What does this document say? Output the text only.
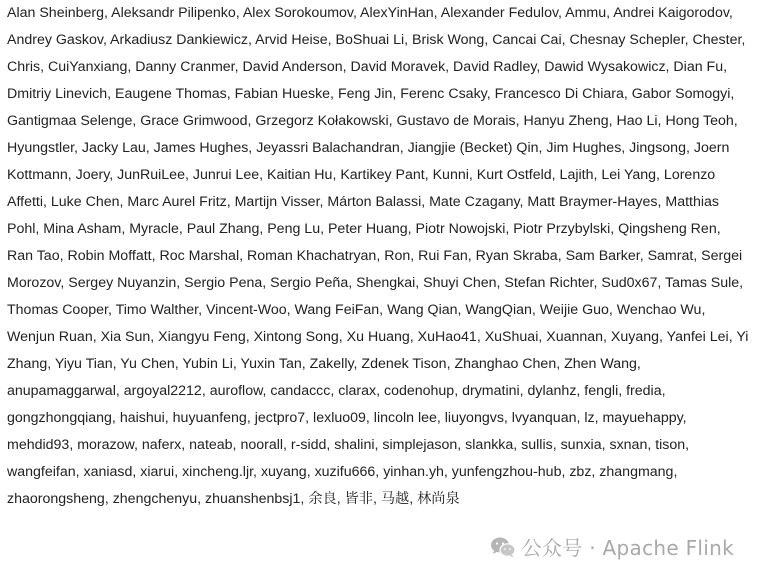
Alan Sheinberg, Aleksandr Pilipenko, Alex Sorokoumov, AlexYinHan, Alexander Fedulov, Ammu, Andrei Kaigorodov, Andrey Gaskov, Arkadiusz Dankiewicz, Arvid Heise, BoShuai Li, Brisk Wong, Cancai Cai, Chesnay Schepler, Chester, Chris, CuiYanxiang, Danny Cranmer, David Anderson, David Moravek, David Radley, Dawid Wysakowicz, Dian Fu, Dmitriy Linevich, Eaugene Thomas, Fabian Hueske, Feng Jin, Ferenc Csaky, Francesco Di Chiara, Gabor Somogyi, Gantigmaa Selenge, Grace Grimwood, Grzegorz Kołakowski, Gustavo de Morais, Hanyu Zheng, Hao Li, Hong Teoh, Hyungstler, Jacky Lau, James Hughes, Jeyassri Balachandran, Jiangjie (Becket) Qin, Jim Hughes, Jingsong, Joern Kottmann, Joery, JunRuiLee, Junrui Lee, Kaitian Hu, Kartikey Pant, Kunni, Kurt Ostfeld, Lajith, Lei Yang, Lorenzo Affetti, Luke Chen, Marc Aurel Fritz, Martijn Visser, Márton Balassi, Mate Czagany, Matt Braymer-Hayes, Matthias Pohl, Mina Asham, Myracle, Paul Zhang, Peng Lu, Peter Huang, Piotr Nowojski, Piotr Przybylski, Qingsheng Ren, Ran Tao, Robin Moffatt, Roc Marshal, Roman Khachatryan, Ron, Rui Fan, Ryan Skraba, Sam Barker, Samrat, Sergei Morozov, Sergey Nuyanzin, Sergio Pena, Sergio Peña, Shengkai, Shuyi Chen, Stefan Richter, Sud0x67, Tamas Sule, Thomas Cooper, Timo Walther, Vincent-Woo, Wang FeiFan, Wang Qian, WangQian, Weijie Guo, Wenchao Wu, Wenjun Ruan, Xia Sun, Xiangyu Feng, Xintong Song, Xu Huang, XuHao41, XuShuai, Xuannan, Xuyang, Yanfei Lei, Yi Zhang, Yiyu Tian, Yu Chen, Yubin Li, Yuxin Tan, Zakelly, Zdenek Tison, Zhanghao Chen, Zhen Wang, anupamaggarwal, argoyal2212, auroflow, candaccc, clarax, codenohup, drymatini, dylanhz, fengli, fredia, gongzhongqiang, haishui, huyuanfeng, jectpro7, lexluo09, lincoln lee, liuyongvs, lvyanquan, lz, mayuehappy, mehdid93, morazow, naferx, nateab, noorall, r-sidd, shalini, simplejason, slankka, sullis, sunxia, sxnan, tison, wangfeifan, xaniasd, xiarui, xincheng.ljr, xuyang, xuzifu666, yinhan.yh, yunfengzhou-hub, zbz, zhangmang, zhaorongsheng, zhengchenyu, zhuanshenbsj1, 余良, 皆非, 马越, 林尚泉

公众号 · Apache Flink
